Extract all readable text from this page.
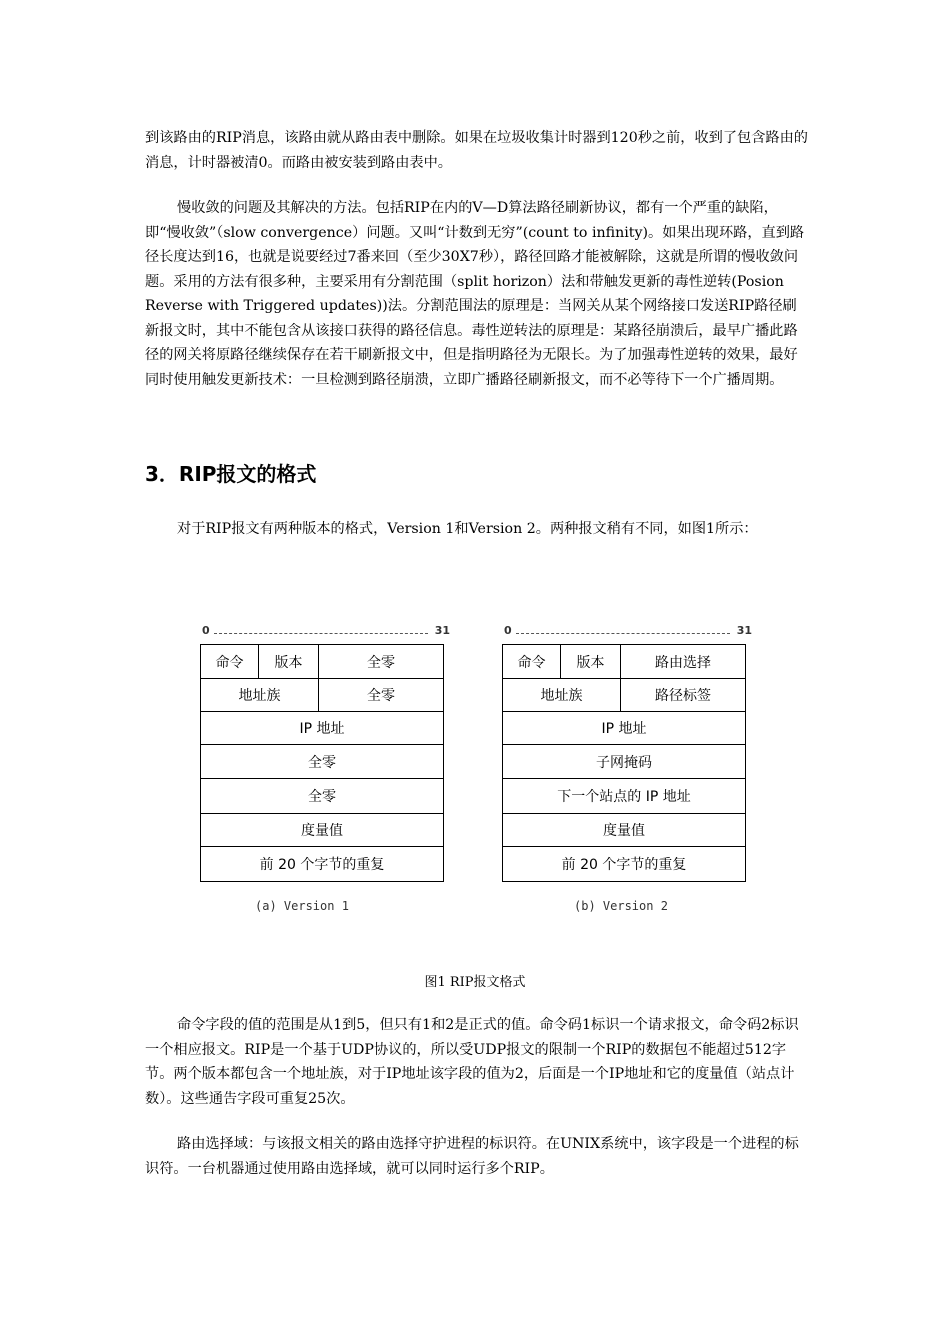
到该路由的RIP消息，该路由就从路由表中删除。如果在垃圾收集计时器到120秒之前，收到了包含路由的消息，计时器被清0。而路由被安装到路由表中。

慢收敛的问题及其解决的方法。包括RIP在内的V—D算法路径刷新协议，都有一个严重的缺陷，即“慢收敛”（slow convergence）问题。又叫“计数到无穷”(count to infinity)。如果出现环路，直到路径长度达到16，也就是说要经过7番来回（至少30X7秒），路径回路才能被解除，这就是所谓的慢收敛问题。采用的方法有很多种，主要采用有分割范围（split horizon）法和带触发更新的毒性逆转(Posion Reverse with Triggered updates))法。分割范围法的原理是：当网关从某个网络接口发送RIP路径刷新报文时，其中不能包含从该接口获得的路径信息。毒性逆转法的原理是：某路径崩溃后，最早广播此路径的网关将原路径继续保存在若干刷新报文中，但是指明路径为无限长。为了加强毒性逆转的效果，最好同时使用触发更新技术：一旦检测到路径崩溃，立即广播路径刷新报文，而不必等待下一个广播周期。

3．RIP报文的格式

对于RIP报文有两种版本的格式，Version 1和Version 2。两种报文稍有不同，如图1所示：

0	31
命令	版本	全零
地址族		全零
IP 地址		
全零		
全零		
度量值		
前 20 个字节的重复		
(a) Version 1
0	31
命令	版本	路由选择
地址族		路径标签
IP 地址		
子网掩码		
下一个站点的 IP 地址		
度量值		
前 20 个字节的重复		
(b) Version 2
图1 RIP报文格式

命令字段的值的范围是从1到5，但只有1和2是正式的值。命令码1标识一个请求报文，命令码2标识一个相应报文。RIP是一个基于UDP协议的，所以受UDP报文的限制一个RIP的数据包不能超过512字节。两个版本都包含一个地址族，对于IP地址该字段的值为2，后面是一个IP地址和它的度量值（站点计数）。这些通告字段可重复25次。

路由选择域：与该报文相关的路由选择守护进程的标识符。在UNIX系统中，该字段是一个进程的标识符。一台机器通过使用路由选择域，就可以同时运行多个RIP。
